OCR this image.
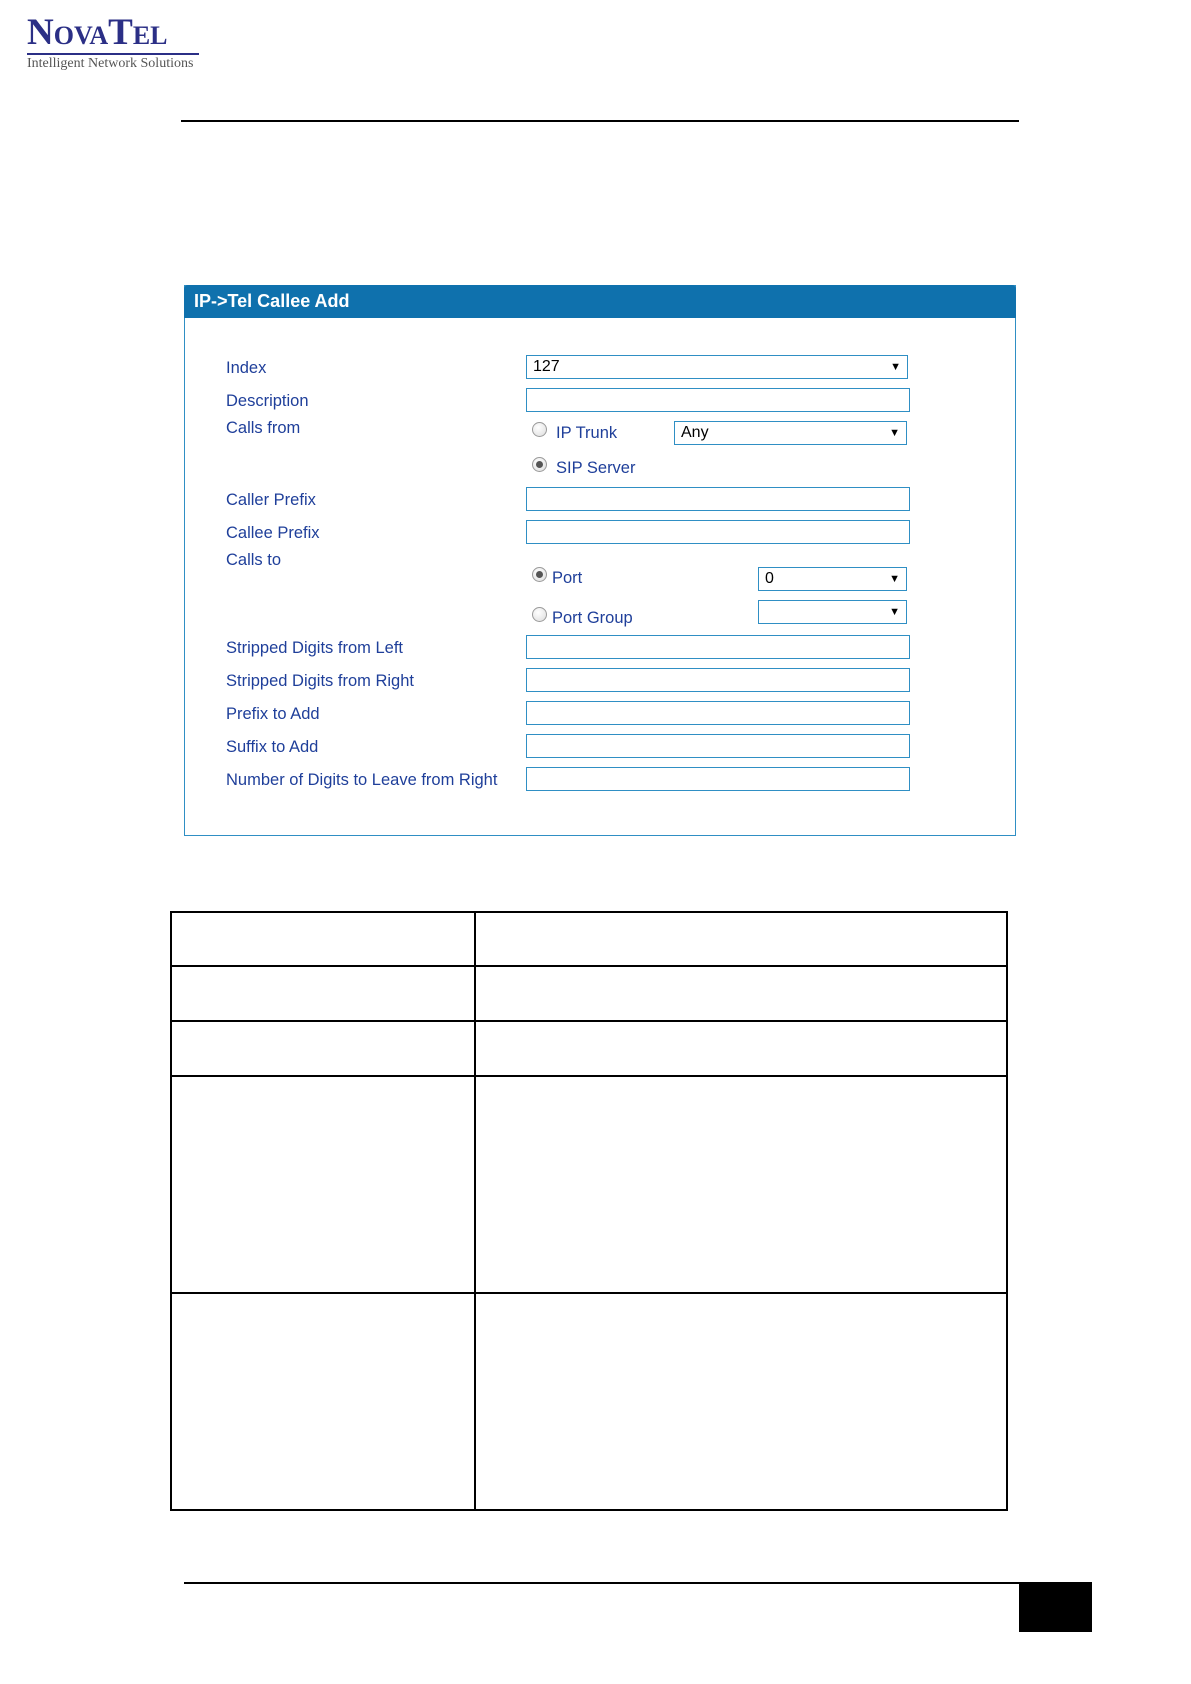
NovaTel
Intelligent Network Solutions
IP->Tel Callee Add
Index	127	▼
Description
Calls from	IP Trunk	Any	▼
SIP Server
Caller Prefix
Callee Prefix
Calls to
Port	0	▼
Port Group	▼
Stripped Digits from Left
Stripped Digits from Right
Prefix to Add
Suffix to Add
Number of Digits to Leave from Right
